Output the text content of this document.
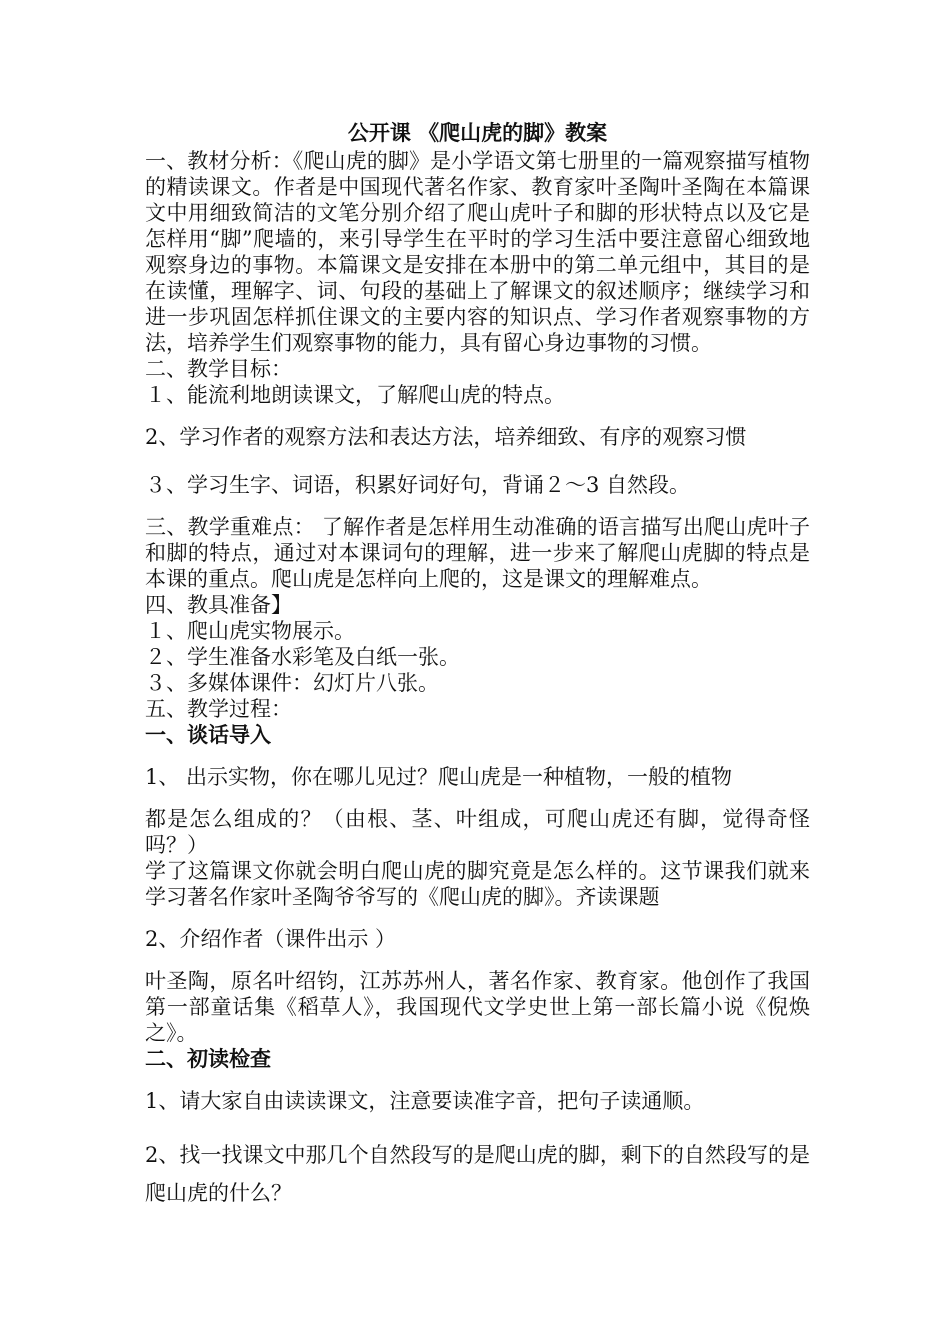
公开课 《爬山虎的脚》教案

一、教材分析：《爬山虎的脚》是小学语文第七册里的一篇观察描写植物的精读课文。作者是中国现代著名作家、教育家叶圣陶叶圣陶在本篇课文中用细致简洁的文笔分别介绍了爬山虎叶子和脚的形状特点以及它是怎样用“脚”爬墙的，来引导学生在平时的学习生活中要注意留心细致地观察身边的事物。本篇课文是安排在本册中的第二单元组中，其目的是在读懂，理解字、词、句段的基础上了解课文的叙述顺序；继续学习和进一步巩固怎样抓住课文的主要内容的知识点、学习作者观察事物的方法，培养学生们观察事物的能力，具有留心身边事物的习惯。

二、教学目标：

１、能流利地朗读课文，了解爬山虎的特点。

2、学习作者的观察方法和表达方法，培养细致、有序的观察习惯

３、学习生字、词语，积累好词好句，背诵２～3 自然段。

三、教学重难点： 了解作者是怎样用生动准确的语言描写出爬山虎叶子和脚的特点，通过对本课词句的理解，进一步来了解爬山虎脚的特点是本课的重点。爬山虎是怎样向上爬的，这是课文的理解难点。

四、教具准备】

１、爬山虎实物展示。

２、学生准备水彩笔及白纸一张。

３、多媒体课件：幻灯片八张。

五、教学过程：

一、谈话导入

1、 出示实物，你在哪儿见过？爬山虎是一种植物，一般的植物

都是怎么组成的？（由根、茎、叶组成，可爬山虎还有脚，觉得奇怪吗？）

学了这篇课文你就会明白爬山虎的脚究竟是怎么样的。这节课我们就来学习著名作家叶圣陶爷爷写的《爬山虎的脚》。齐读课题

2、介绍作者（课件出示 ）

叶圣陶，原名叶绍钧，江苏苏州人，著名作家、教育家。他创作了我国第一部童话集《稻草人》，我国现代文学史世上第一部长篇小说《倪焕之》。

二、初读检查

1、请大家自由读读课文，注意要读准字音，把句子读通顺。

2、找一找课文中那几个自然段写的是爬山虎的脚，剩下的自然段写的是爬山虎的什么？
